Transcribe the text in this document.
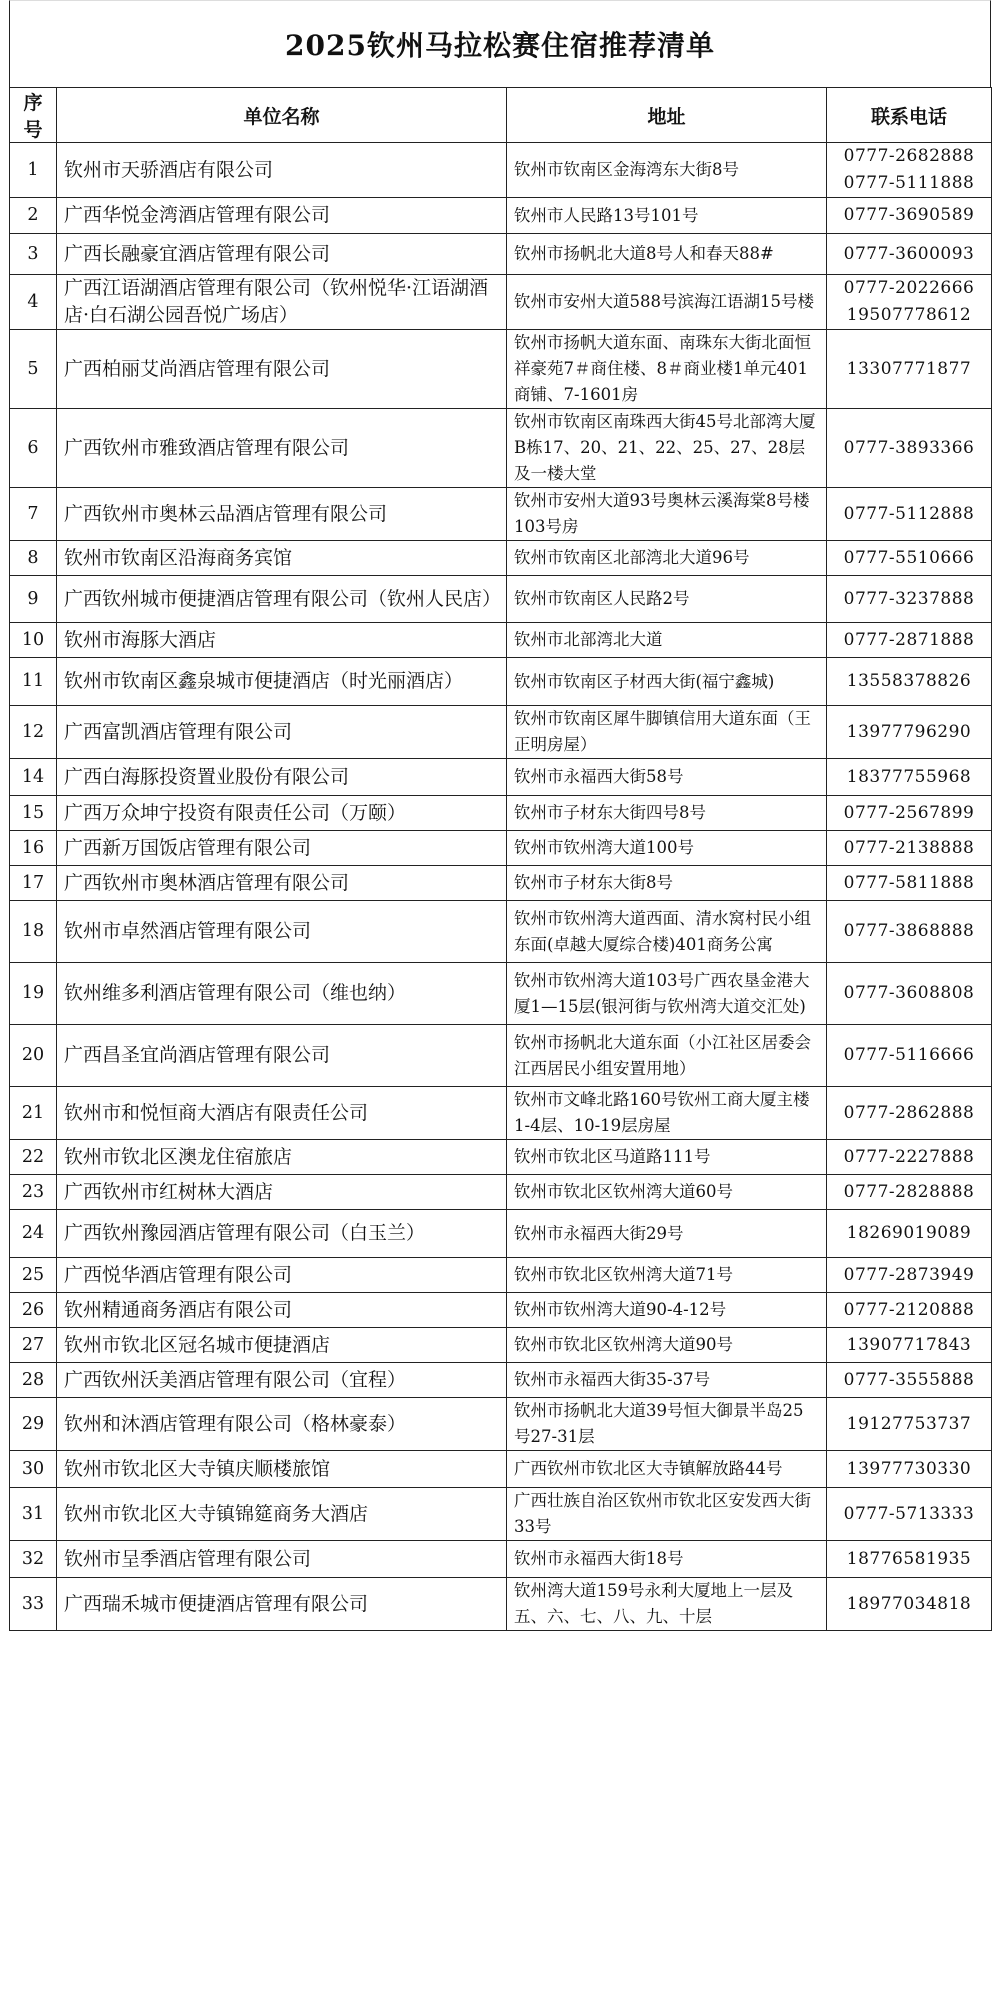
2025钦州马拉松赛住宿推荐清单
序号	单位名称	地址	联系电话
1	钦州市天骄酒店有限公司	钦州市钦南区金海湾东大街8号	0777-2682888
0777-5111888

2	广西华悦金湾酒店管理有限公司	钦州市人民路13号101号	0777-3690589

3	广西长融豪宜酒店管理有限公司	钦州市扬帆北大道8号人和春天88#	0777-3600093

4	广西江语湖酒店管理有限公司（钦州悦华·江语湖酒店·白石湖公园吾悦广场店）	钦州市安州大道588号滨海江语湖15号楼	0777-2022666
19507778612

5	广西柏丽艾尚酒店管理有限公司	钦州市扬帆大道东面、南珠东大街北面恒祥豪苑7＃商住楼、8＃商业楼1单元401商铺、7-1601房	13307771877

6	广西钦州市雅致酒店管理有限公司	钦州市钦南区南珠西大街45号北部湾大厦B栋17、20、21、22、25、27、28层及一楼大堂	0777-3893366

7	广西钦州市奥林云品酒店管理有限公司	钦州市安州大道93号奥林云溪海棠8号楼103号房	0777-5112888

8	钦州市钦南区沿海商务宾馆	钦州市钦南区北部湾北大道96号	0777-5510666

9	广西钦州城市便捷酒店管理有限公司（钦州人民店）	钦州市钦南区人民路2号	0777-3237888

10	钦州市海豚大酒店	钦州市北部湾北大道	0777-2871888

11	钦州市钦南区鑫泉城市便捷酒店（时光丽酒店）	钦州市钦南区子材西大街(福宁鑫城)	13558378826

12	广西富凯酒店管理有限公司	钦州市钦南区犀牛脚镇信用大道东面（王正明房屋）	13977796290

14	广西白海豚投资置业股份有限公司	钦州市永福西大街58号	18377755968

15	广西万众坤宁投资有限责任公司（万颐）	钦州市子材东大街四号8号	0777-2567899

16	广西新万国饭店管理有限公司	钦州市钦州湾大道100号	0777-2138888

17	广西钦州市奥林酒店管理有限公司	钦州市子材东大街8号	0777-5811888

18	钦州市卓然酒店管理有限公司	钦州市钦州湾大道西面、清水窝村民小组东面(卓越大厦综合楼)401商务公寓	0777-3868888

19	钦州维多利酒店管理有限公司（维也纳）	钦州市钦州湾大道103号广西农垦金港大厦1—15层(银河街与钦州湾大道交汇处)	0777-3608808

20	广西昌圣宜尚酒店管理有限公司	钦州市扬帆北大道东面（小江社区居委会江西居民小组安置用地）	0777-5116666

21	钦州市和悦恒商大酒店有限责任公司	钦州市文峰北路160号钦州工商大厦主楼1-4层、10-19层房屋	0777-2862888

22	钦州市钦北区澳龙住宿旅店	钦州市钦北区马道路111号	0777-2227888

23	广西钦州市红树林大酒店	钦州市钦北区钦州湾大道60号	0777-2828888

24	广西钦州豫园酒店管理有限公司（白玉兰）	钦州市永福西大街29号	18269019089

25	广西悦华酒店管理有限公司	钦州市钦北区钦州湾大道71号	0777-2873949

26	钦州精通商务酒店有限公司	钦州市钦州湾大道90-4-12号	0777-2120888

27	钦州市钦北区冠名城市便捷酒店	钦州市钦北区钦州湾大道90号	13907717843

28	广西钦州沃美酒店管理有限公司（宜程）	钦州市永福西大街35-37号	0777-3555888

29	钦州和沐酒店管理有限公司（格林豪泰）	钦州市扬帆北大道39号恒大御景半岛25号27-31层	19127753737

30	钦州市钦北区大寺镇庆顺楼旅馆	广西钦州市钦北区大寺镇解放路44号	13977730330

31	钦州市钦北区大寺镇锦筵商务大酒店	广西壮族自治区钦州市钦北区安发西大街33号	0777-5713333

32	钦州市呈季酒店管理有限公司	钦州市永福西大街18号	18776581935

33	广西瑞禾城市便捷酒店管理有限公司	钦州湾大道159号永利大厦地上一层及五、六、七、八、九、十层	18977034818
